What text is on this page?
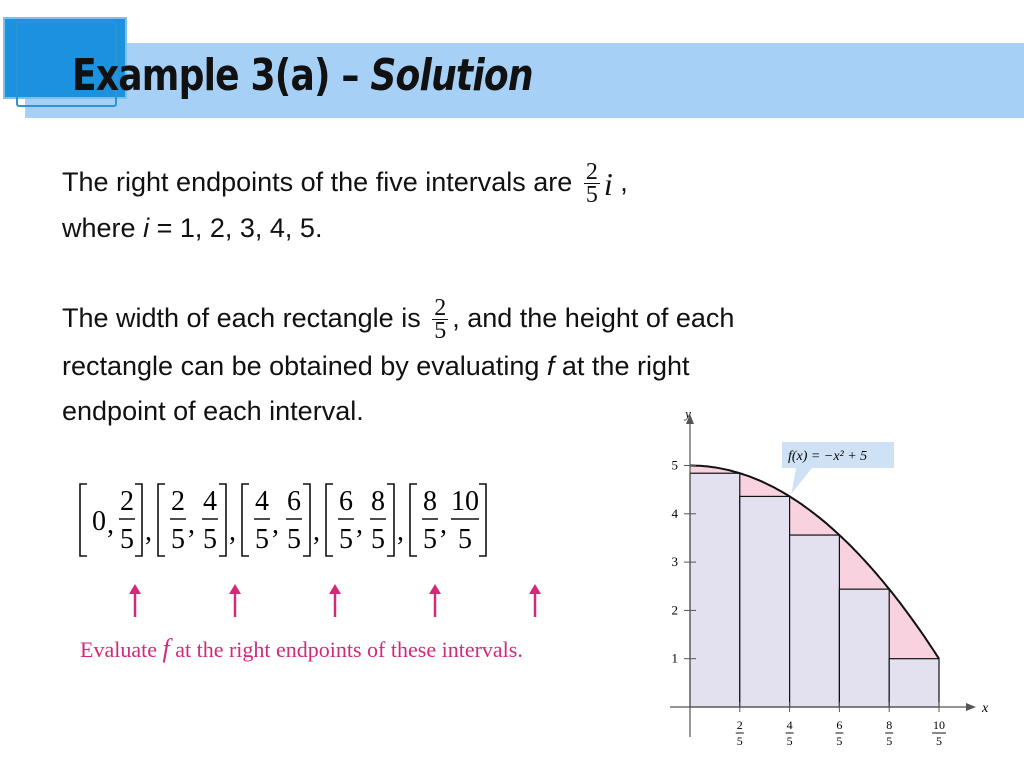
Example 3(a) – Solution
The right endpoints of the five intervals are $\frac{2}{5}$ i ,
where i = 1, 2, 3, 4, 5.
The width of each rectangle is $\frac{2}{5}$ , and the height of each
rectangle can be obtained by evaluating f at the right
endpoint of each interval.
0 ,
2
5 ,
2
5 ,
4
5 ,
4
5 ,
6
5 ,
6
5 ,
8
5 ,
8
5 ,
10
5
Evaluate f at the right endpoints of these intervals.
y
x
1
2
3
4
5
2
5
4
5
6
5
8
5
10
5
f(x) = −x² + 5
